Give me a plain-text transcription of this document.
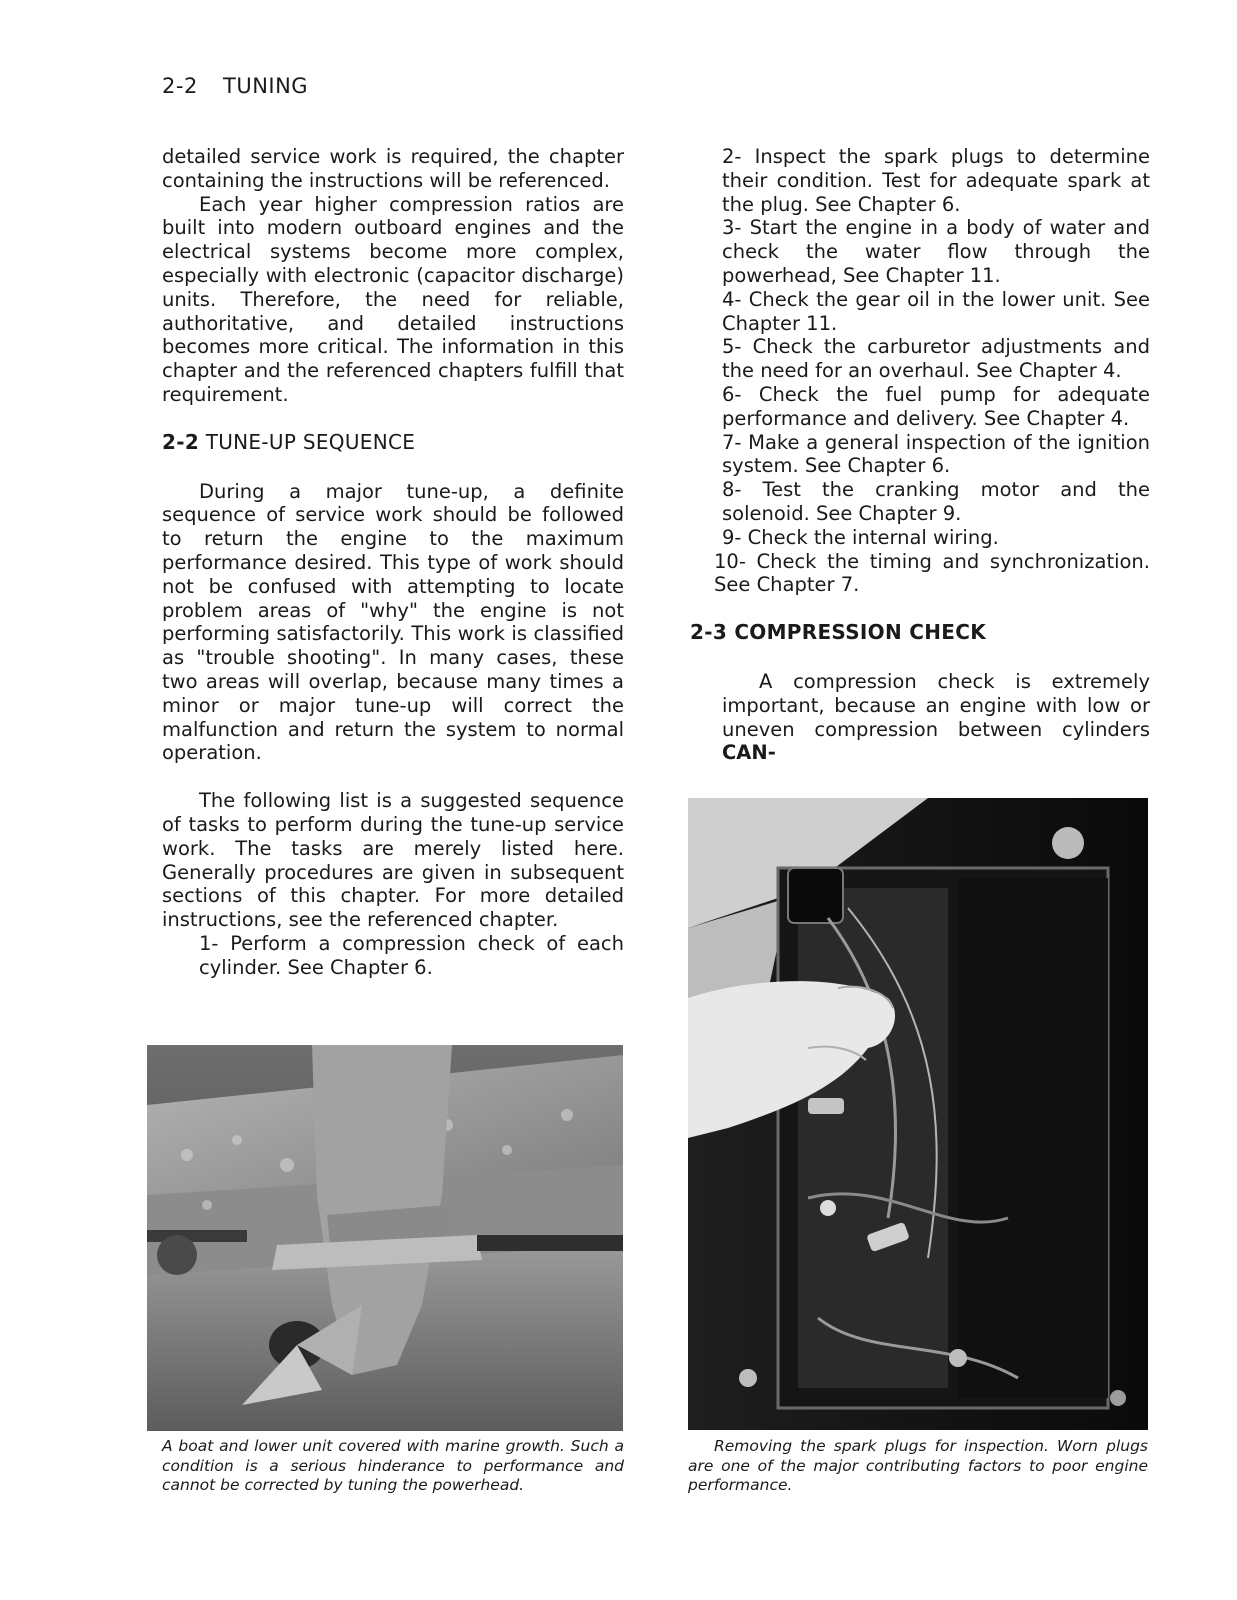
2-2 TUNING

detailed service work is required, the chapter containing the instructions will be referenced.

Each year higher compression ratios are built into modern outboard engines and the electrical systems become more complex, especially with electronic (capacitor discharge) units. Therefore, the need for reliable, authoritative, and detailed instructions becomes more critical. The information in this chapter and the referenced chapters fulfill that requirement.

2-2 TUNE-UP SEQUENCE

During a major tune-up, a definite sequence of service work should be followed to return the engine to the maximum performance desired. This type of work should not be confused with attempting to locate problem areas of "why" the engine is not performing satisfactorily. This work is classified as "trouble shooting". In many cases, these two areas will overlap, because many times a minor or major tune-up will correct the malfunction and return the system to normal operation.

The following list is a suggested sequence of tasks to perform during the tune-up service work. The tasks are merely listed here. Generally procedures are given in subsequent sections of this chapter. For more detailed instructions, see the referenced chapter.

1- Perform a compression check of each cylinder. See Chapter 6.

2- Inspect the spark plugs to determine their condition. Test for adequate spark at the plug. See Chapter 6.

3- Start the engine in a body of water and check the water flow through the powerhead, See Chapter 11.

4- Check the gear oil in the lower unit. See Chapter 11.

5- Check the carburetor adjustments and the need for an overhaul. See Chapter 4.

6- Check the fuel pump for adequate performance and delivery. See Chapter 4.

7- Make a general inspection of the ignition system. See Chapter 6.

8- Test the cranking motor and the solenoid. See Chapter 9.

9- Check the internal wiring.

10- Check the timing and synchronization. See Chapter 7.

2-3 COMPRESSION CHECK

A compression check is extremely important, because an engine with low or uneven compression between cylinders CAN-

A boat and lower unit covered with marine growth. Such a condition is a serious hinderance to performance and cannot be corrected by tuning the powerhead.
Removing the spark plugs for inspection. Worn plugs are one of the major contributing factors to poor engine performance.
